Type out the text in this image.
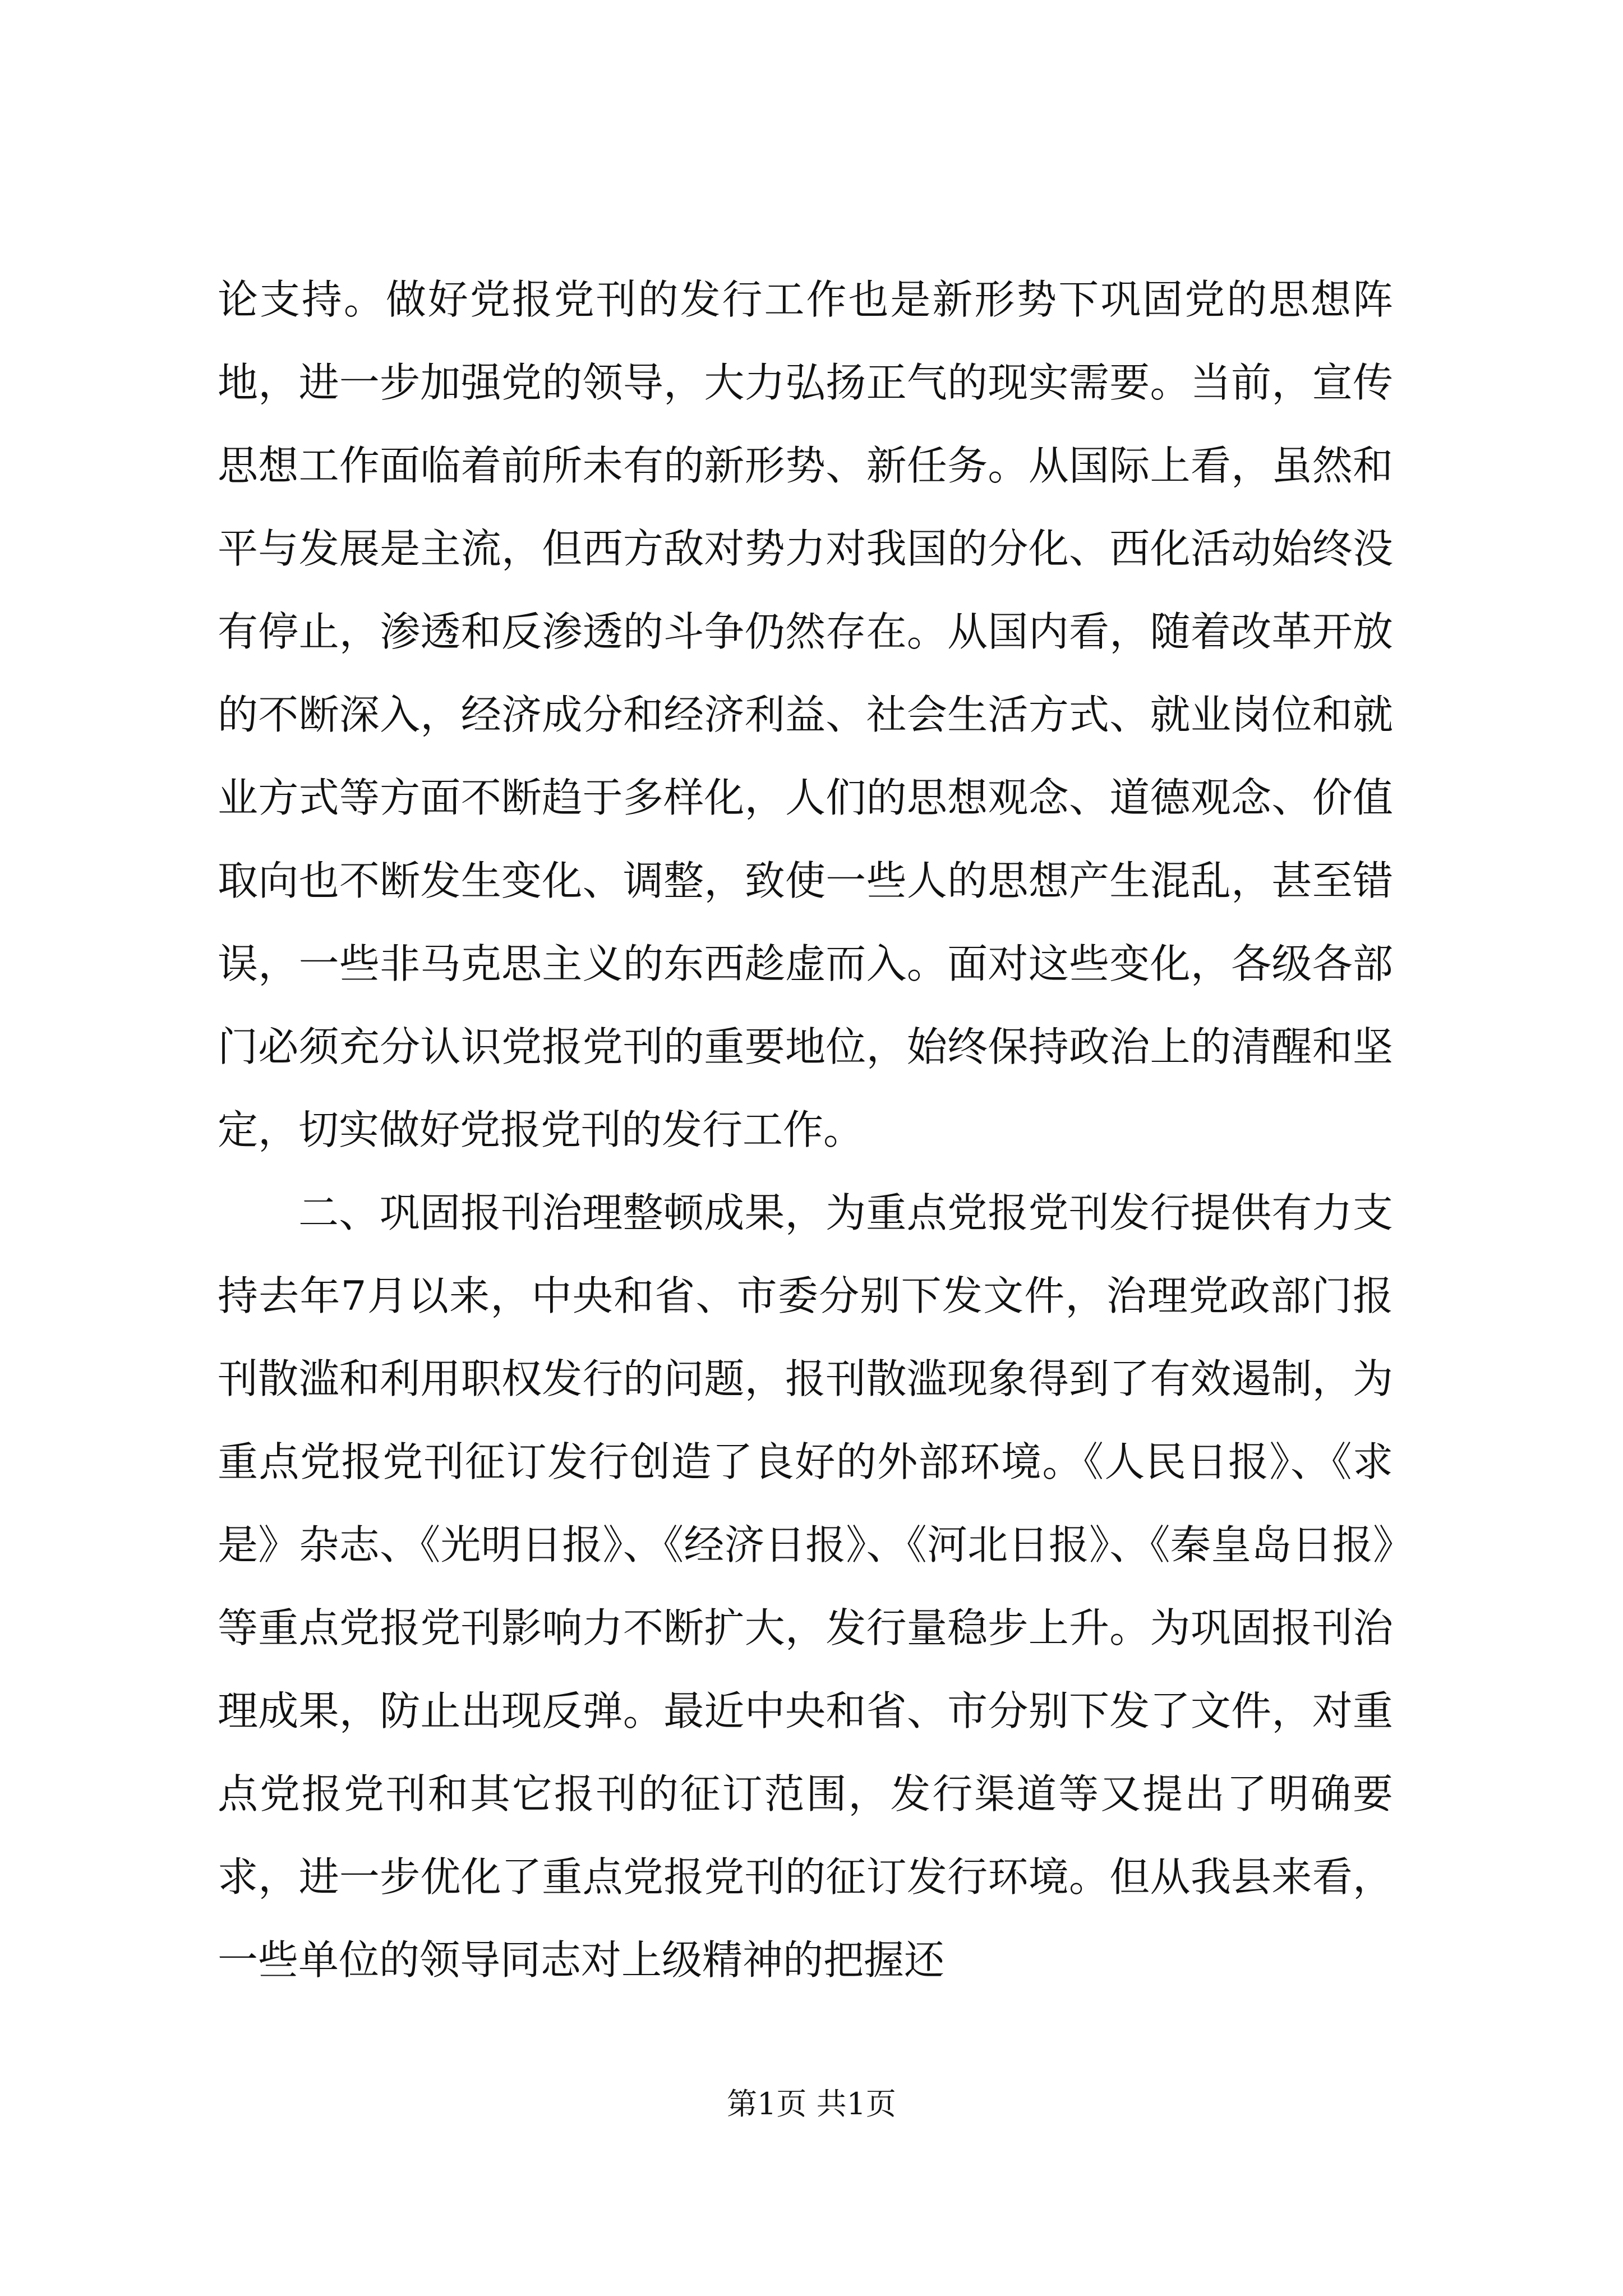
论支持。做好党报党刊的发行工作也是新形势下巩固党的思想阵地，进一步加强党的领导，大力弘扬正气的现实需要。当前，宣传思想工作面临着前所未有的新形势、新任务。从国际上看，虽然和平与发展是主流，但西方敌对势力对我国的分化、西化活动始终没有停止，渗透和反渗透的斗争仍然存在。从国内看，随着改革开放的不断深入，经济成分和经济利益、社会生活方式、就业岗位和就业方式等方面不断趋于多样化，人们的思想观念、道德观念、价值取向也不断发生变化、调整，致使一些人的思想产生混乱，甚至错误，一些非马克思主义的东西趁虚而入。面对这些变化，各级各部门必须充分认识党报党刊的重要地位，始终保持政治上的清醒和坚定，切实做好党报党刊的发行工作。

二、巩固报刊治理整顿成果，为重点党报党刊发行提供有力支持去年7月以来，中央和省、市委分别下发文件，治理党政部门报刊散滥和利用职权发行的问题，报刊散滥现象得到了有效遏制，为重点党报党刊征订发行创造了良好的外部环境。《人民日报》、《求是》杂志、《光明日报》、《经济日报》、《河北日报》、《秦皇岛日报》等重点党报党刊影响力不断扩大，发行量稳步上升。为巩固报刊治理成果，防止出现反弹。最近中央和省、市分别下发了文件，对重点党报党刊和其它报刊的征订范围，发行渠道等又提出了明确要求，进一步优化了重点党报党刊的征订发行环境。但从我县来看，一些单位的领导同志对上级精神的把握还

第1页 共1页
